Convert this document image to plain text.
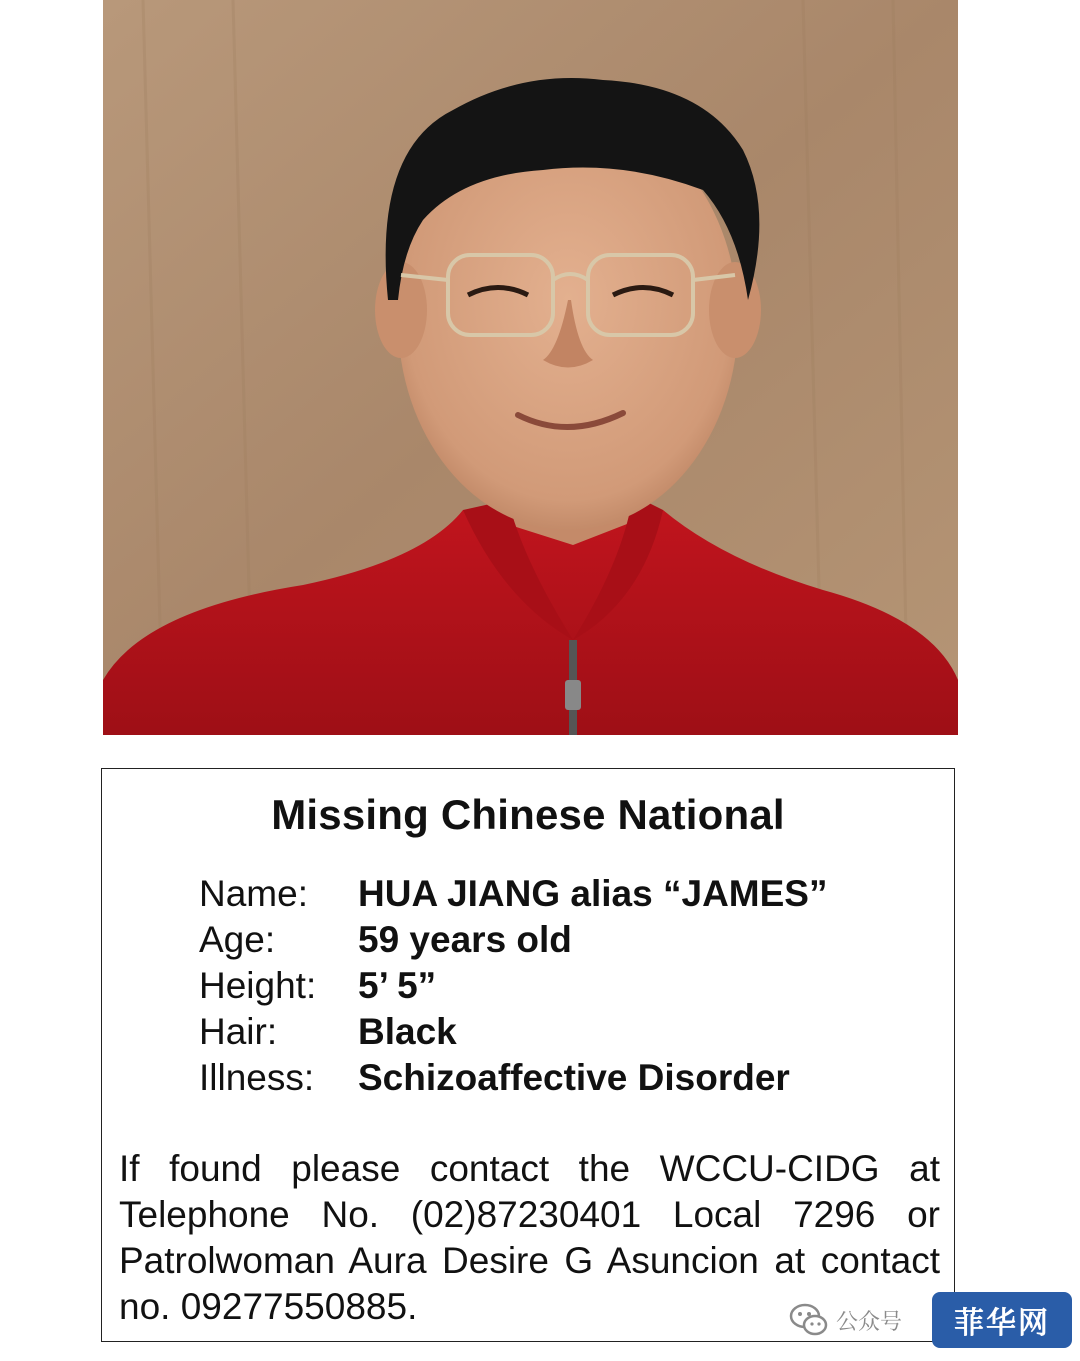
Missing Chinese National
Name:	HUA JIANG alias “JAMES”
Age:	59 years old
Height:	5’ 5”
Hair:	Black
Illness:	Schizoaffective Disorder
If found please contact the WCCU-CIDG at Telephone No. (02)87230401 Local 7296 or Patrolwoman Aura Desire G Asuncion at contact no. 09277550885.	公众号	菲华网
